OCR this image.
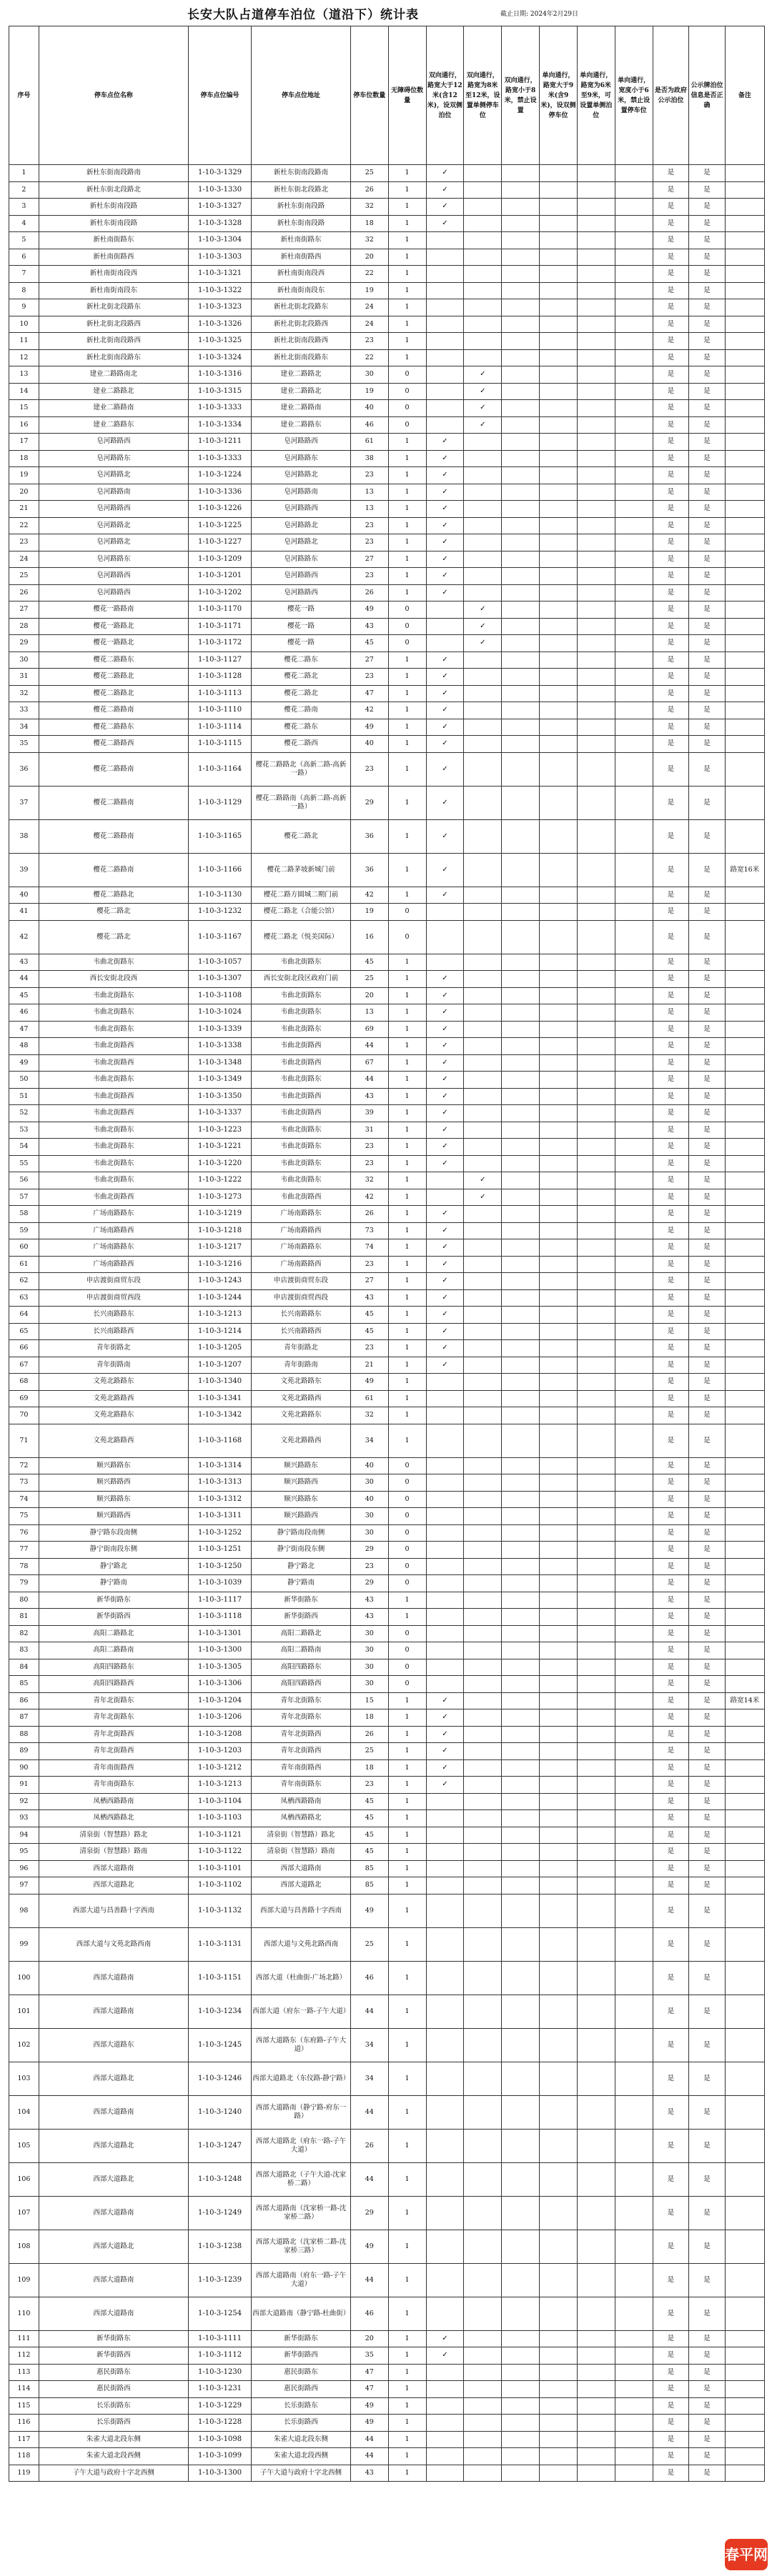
长安大队占道停车泊位（道沿下）统计表	截止日期: 2024年2月29日
序号	停车点位名称	停车点位编号	停车点位地址	停车位数量	无障碍位数量	双向通行，路宽大于12米(含12米)，设双侧泊位	双向通行，路宽为8米至12米，设置单侧停车位	双向通行，路宽小于8米，禁止设置	单向通行，路宽大于9米(含9米)，设双侧停车位	单向通行，路宽为6米至9米，可设置单侧泊位	单向通行，宽度小于6米，禁止设置停车位	是否为政府公示泊位	公示牌泊位信息是否正确	备注
1	新杜东街南段路南	1-10-3-1329	新杜东街南段路南	25	1	✓						是	是	
2	新杜东街北段路北	1-10-3-1330	新杜东街北段路北	26	1	✓						是	是	
3	新杜东街南段路	1-10-3-1327	新杜东街南段路	32	1	✓						是	是	
4	新杜东街南段路	1-10-3-1328	新杜东街南段路	18	1	✓						是	是	
5	新杜南街路东	1-10-3-1304	新杜南街路东	32	1							是	是	
6	新杜南街路西	1-10-3-1303	新杜南街路西	20	1							是	是	
7	新杜南街南段西	1-10-3-1321	新杜南街南段西	22	1							是	是	
8	新杜南街南段东	1-10-3-1322	新杜南街南段东	19	1							是	是	
9	新杜北街北段路东	1-10-3-1323	新杜北街北段路东	24	1							是	是	
10	新杜北街北段路西	1-10-3-1326	新杜北街北段路西	24	1							是	是	
11	新杜北街南段路西	1-10-3-1325	新杜北街南段路西	23	1							是	是	
12	新杜北街南段路东	1-10-3-1324	新杜北街南段路东	22	1							是	是	
13	建业二路路南北	1-10-3-1316	建业二路路北	30	0		✓					是	是	
14	建业二路路北	1-10-3-1315	建业二路路北	19	0		✓					是	是	
15	建业二路路南	1-10-3-1333	建业二路路南	40	0		✓					是	是	
16	建业二路路东	1-10-3-1334	建业二路路东	46	0		✓					是	是	
17	皂河路路西	1-10-3-1211	皂河路路西	61	1	✓						是	是	
18	皂河路路东	1-10-3-1333	皂河路路东	38	1	✓						是	是	
19	皂河路路北	1-10-3-1224	皂河路路北	23	1	✓						是	是	
20	皂河路路南	1-10-3-1336	皂河路路南	13	1	✓						是	是	
21	皂河路路西	1-10-3-1226	皂河路路西	13	1	✓						是	是	
22	皂河路路北	1-10-3-1225	皂河路路北	23	1	✓						是	是	
23	皂河路路北	1-10-3-1227	皂河路路北	23	1	✓						是	是	
24	皂河路路东	1-10-3-1209	皂河路路东	27	1	✓						是	是	
25	皂河路路西	1-10-3-1201	皂河路路西	23	1	✓						是	是	
26	皂河路路西	1-10-3-1202	皂河路路西	26	1	✓						是	是	
27	樱花一路路南	1-10-3-1170	樱花一路	49	0		✓					是	是	
28	樱花一路路北	1-10-3-1171	樱花一路	43	0		✓					是	是	
29	樱花一路路北	1-10-3-1172	樱花一路	45	0		✓					是	是	
30	樱花二路路东	1-10-3-1127	樱花二路东	27	1	✓						是	是	
31	樱花二路路北	1-10-3-1128	樱花二路北	23	1	✓						是	是	
32	樱花二路路北	1-10-3-1113	樱花二路北	47	1	✓						是	是	
33	樱花二路路南	1-10-3-1110	樱花二路南	42	1	✓						是	是	
34	樱花二路路东	1-10-3-1114	樱花二路东	49	1	✓						是	是	
35	樱花二路路西	1-10-3-1115	樱花二路西	40	1	✓						是	是	
36	樱花二路路南	1-10-3-1164	樱花二路路北（高新二路-高新一路）	23	1	✓						是	是	
37	樱花二路路南	1-10-3-1129	樱花二路路南（高新二路-高新一路）	29	1	✓						是	是	
38	樱花二路路南	1-10-3-1165	樱花二路北	36	1	✓						是	是	
39	樱花二路路南	1-10-3-1166	樱花二路茅坡新城门前	36	1	✓						是	是	路宽16米
40	樱花二路路北	1-10-3-1130	樱花二路方圆城二期门前	42	1	✓						是	是	
41	樱花二路北	1-10-3-1232	樱花二路北（合能公馆）	19	0							是	是	
42	樱花二路北	1-10-3-1167	樱花二路北（悦美国际）	16	0							是	是	
43	韦曲北街路东	1-10-3-1057	韦曲北街路东	45	1							是	是	
44	西长安街北段西	1-10-3-1307	西长安街北段区政府门前	25	1	✓						是	是	
45	韦曲北街路东	1-10-3-1108	韦曲北街路东	20	1	✓						是	是	
46	韦曲北街路东	1-10-3-1024	韦曲北街路东	13	1	✓						是	是	
47	韦曲北街路东	1-10-3-1339	韦曲北街路东	69	1	✓						是	是	
48	韦曲北街路西	1-10-3-1338	韦曲北街路西	44	1	✓						是	是	
49	韦曲北街路西	1-10-3-1348	韦曲北街路西	67	1	✓						是	是	
50	韦曲北街路东	1-10-3-1349	韦曲北街路东	44	1	✓						是	是	
51	韦曲北街路西	1-10-3-1350	韦曲北街路西	43	1	✓						是	是	
52	韦曲北街路西	1-10-3-1337	韦曲北街路西	39	1	✓						是	是	
53	韦曲北街路东	1-10-3-1223	韦曲北街路东	31	1	✓						是	是	
54	韦曲北街路东	1-10-3-1221	韦曲北街路东	23	1	✓						是	是	
55	韦曲北街路东	1-10-3-1220	韦曲北街路东	23	1	✓						是	是	
56	韦曲北街路东	1-10-3-1222	韦曲北街路东	32	1		✓					是	是	
57	韦曲北街路西	1-10-3-1273	韦曲北街路西	42	1		✓					是	是	
58	广场南路路东	1-10-3-1219	广场南路路东	26	1	✓						是	是	
59	广场南路路西	1-10-3-1218	广场南路路西	73	1	✓						是	是	
60	广场南路路东	1-10-3-1217	广场南路路东	74	1	✓						是	是	
61	广场南路路西	1-10-3-1216	广场南路路西	23	1	✓						是	是	
62	申店渡街商贸东段	1-10-3-1243	申店渡街商贸东段	27	1	✓						是	是	
63	申店渡街商贸西段	1-10-3-1244	申店渡街商贸西段	43	1	✓						是	是	
64	长兴南路路东	1-10-3-1213	长兴南路路东	45	1	✓						是	是	
65	长兴南路路西	1-10-3-1214	长兴南路路西	45	1	✓						是	是	
66	青年街路北	1-10-3-1205	青年街路北	23	1	✓						是	是	
67	青年街路南	1-10-3-1207	青年街路南	21	1	✓						是	是	
68	文苑北路路东	1-10-3-1340	文苑北路路东	49	1							是	是	
69	文苑北路路西	1-10-3-1341	文苑北路路西	61	1							是	是	
70	文苑北路路东	1-10-3-1342	文苑北路路东	32	1							是	是	
71	文苑北路路西	1-10-3-1168	文苑北路路西	34	1							是	是	
72	顺兴路路东	1-10-3-1314	顺兴路路东	40	0							是	是	
73	顺兴路路西	1-10-3-1313	顺兴路路西	30	0							是	是	
74	顺兴路路东	1-10-3-1312	顺兴路路东	40	0							是	是	
75	顺兴路路西	1-10-3-1311	顺兴路路西	30	0							是	是	
76	静宁路东段南侧	1-10-3-1252	静宁路南段南侧	30	0							是	是	
77	静宁街南段东侧	1-10-3-1251	静宁街南段东侧	29	0							是	是	
78	静宁路北	1-10-3-1250	静宁路北	23	0							是	是	
79	静宁路南	1-10-3-1039	静宁路南	29	0							是	是	
80	新华街路东	1-10-3-1117	新华街路东	43	1							是	是	
81	新华街路西	1-10-3-1118	新华街路西	43	1							是	是	
82	高阳二路路北	1-10-3-1301	高阳二路路北	30	0							是	是	
83	高阳二路路南	1-10-3-1300	高阳二路路南	30	0							是	是	
84	高阳四路路东	1-10-3-1305	高阳四路路东	30	0							是	是	
85	高阳四路路西	1-10-3-1306	高阳四路路西	30	0							是	是	
86	青年北街路东	1-10-3-1204	青年北街路东	15	1	✓						是	是	路宽14米
87	青年北街路东	1-10-3-1206	青年北街路东	18	1	✓						是	是	
88	青年北街路西	1-10-3-1208	青年北街路西	26	1	✓						是	是	
89	青年北街路西	1-10-3-1203	青年北街路西	25	1	✓						是	是	
90	青年南街路西	1-10-3-1212	青年南街路西	18	1	✓						是	是	
91	青年南街路东	1-10-3-1213	青年南街路东	23	1	✓						是	是	
92	凤栖西路路南	1-10-3-1104	凤栖西路路南	45	1							是	是	
93	凤栖西路路北	1-10-3-1103	凤栖西路路北	45	1							是	是	
94	清泉街（智慧路）路北	1-10-3-1121	清泉街（智慧路）路北	45	1							是	是	
95	清泉街（智慧路）路南	1-10-3-1122	清泉街（智慧路）路南	45	1							是	是	
96	西部大道路南	1-10-3-1101	西部大道路南	85	1							是	是	
97	西部大道路北	1-10-3-1102	西部大道路北	85	1							是	是	
98	西部大道与昌善路十字西南	1-10-3-1132	西部大道与昌善路十字西南	49	1							是	是	
99	西部大道与文苑北路西南	1-10-3-1131	西部大道与文苑北路西南	25	1							是	是	
100	西部大道路南	1-10-3-1151	西部大道（杜曲街-广场北路）	46	1							是	是	
101	西部大道路南	1-10-3-1234	西部大道（府东一路-子午大道）	44	1							是	是	
102	西部大道路东	1-10-3-1245	西部大道路东（东府路-子午大道）	34	1							是	是	
103	西部大道路北	1-10-3-1246	西部大道路北（东仪路-静宁路）	34	1							是	是	
104	西部大道路南	1-10-3-1240	西部大道路南（静宁路-府东一路）	44	1							是	是	
105	西部大道路北	1-10-3-1247	西部大道路北（府东一路-子午大道）	26	1							是	是	
106	西部大道路北	1-10-3-1248	西部大道路北（子午大道-沈家桥二路）	44	1							是	是	
107	西部大道路南	1-10-3-1249	西部大道路南（沈家桥一路-沈家桥二路）	29	1							是	是	
108	西部大道路北	1-10-3-1238	西部大道路北（沈家桥二路-沈家桥三路）	49	1							是	是	
109	西部大道路南	1-10-3-1239	西部大道路南（府东一路-子午大道）	44	1							是	是	
110	西部大道路南	1-10-3-1254	西部大道路南（静宁路-杜曲街）	46	1							是	是	
111	新华街路东	1-10-3-1111	新华街路东	20	1	✓						是	是	
112	新华街路西	1-10-3-1112	新华街路西	35	1	✓						是	是	
113	惠民街路东	1-10-3-1230	惠民街路东	47	1							是	是	
114	惠民街路西	1-10-3-1231	惠民街路西	47	1							是	是	
115	长乐街路东	1-10-3-1229	长乐街路东	49	1							是	是	
116	长乐街路西	1-10-3-1228	长乐街路西	49	1							是	是	
117	朱雀大道北段东侧	1-10-3-1098	朱雀大道北段东侧	44	1							是	是	
118	朱雀大道北段西侧	1-10-3-1099	朱雀大道北段西侧	44	1							是	是	
119	子午大道与政府十字北西侧	1-10-3-1300	子午大道与政府十字北西侧	43	1							是	是	
春平网
